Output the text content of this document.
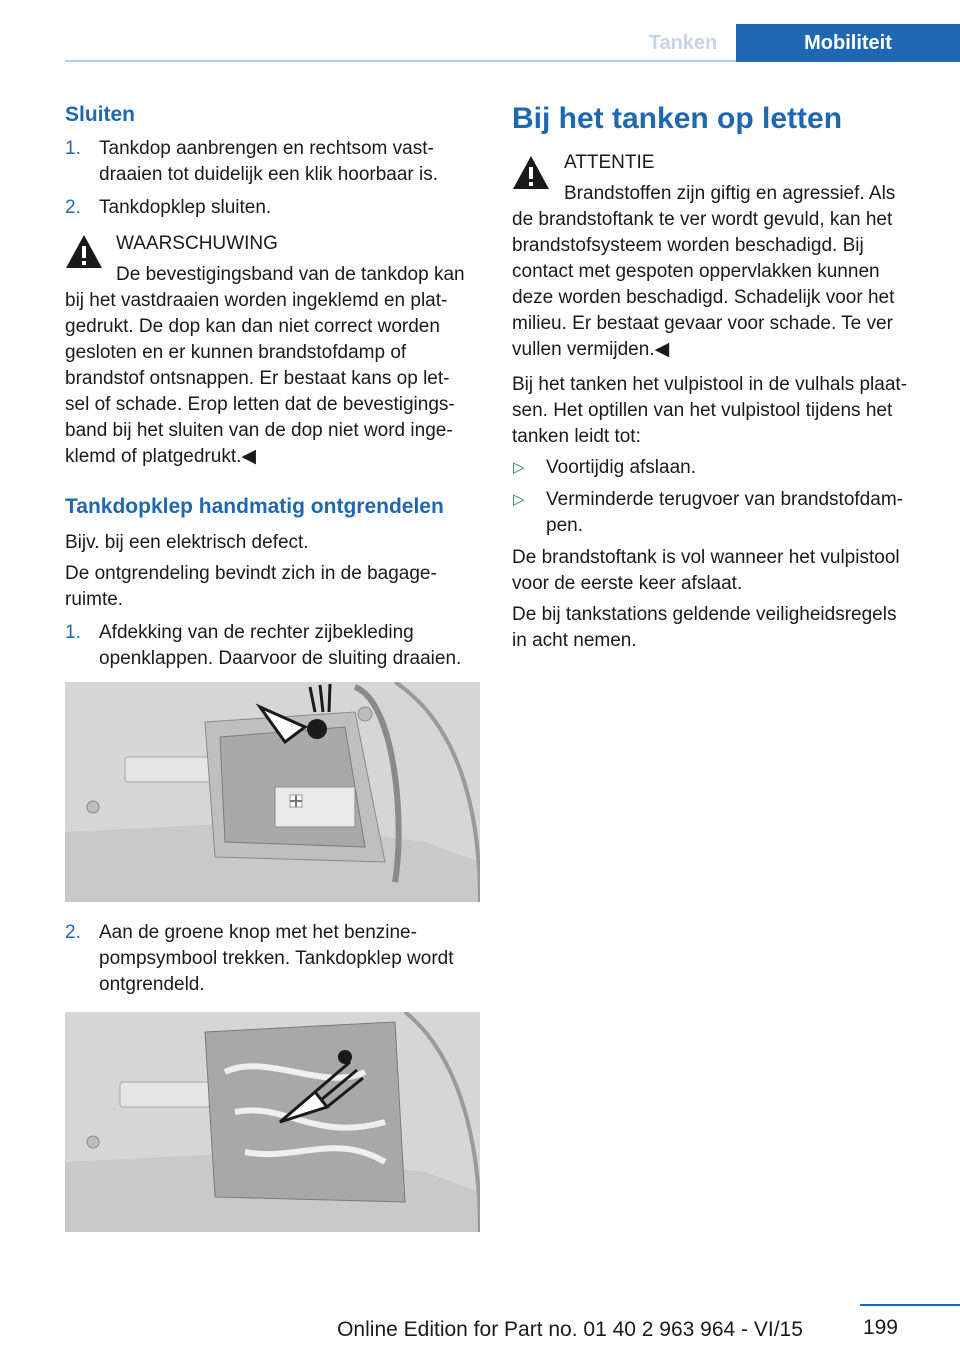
Tanken	Mobiliteit
Sluiten
1. Tankdop aanbrengen en rechtsom vast-
draaien tot duidelijk een klik hoorbaar is.
2. Tankdopklep sluiten.
WAARSCHUWING
De bevestigingsband van de tankdop kan
bij het vastdraaien worden ingeklemd en plat-
gedrukt. De dop kan dan niet correct worden
gesloten en er kunnen brandstofdamp of
brandstof ontsnappen. Er bestaat kans op let-
sel of schade. Erop letten dat de bevestigings-
band bij het sluiten van de dop niet word inge-
klemd of platgedrukt.◀
Tankdopklep handmatig ontgrendelen
Bijv. bij een elektrisch defect.
De ontgrendeling bevindt zich in de bagage-
ruimte.
1. Afdekking van de rechter zijbekleding
openklappen. Daarvoor de sluiting draaien.
2. Aan de groene knop met het benzine-
pompsymbool trekken. Tankdopklep wordt
ontgrendeld.
Bij het tanken op letten
ATTENTIE
Brandstoffen zijn giftig en agressief. Als
de brandstoftank te ver wordt gevuld, kan het
brandstofsysteem worden beschadigd. Bij
contact met gespoten oppervlakken kunnen
deze worden beschadigd. Schadelijk voor het
milieu. Er bestaat gevaar voor schade. Te ver
vullen vermijden.◀
Bij het tanken het vulpistool in de vulhals plaat-
sen. Het optillen van het vulpistool tijdens het
tanken leidt tot:
▷ Voortijdig afslaan.
▷ Verminderde terugvoer van brandstofdam-
pen.
De brandstoftank is vol wanneer het vulpistool
voor de eerste keer afslaat.
De bij tankstations geldende veiligheidsregels
in acht nemen.
199
Online Edition for Part no. 01 40 2 963 964 - VI/15
